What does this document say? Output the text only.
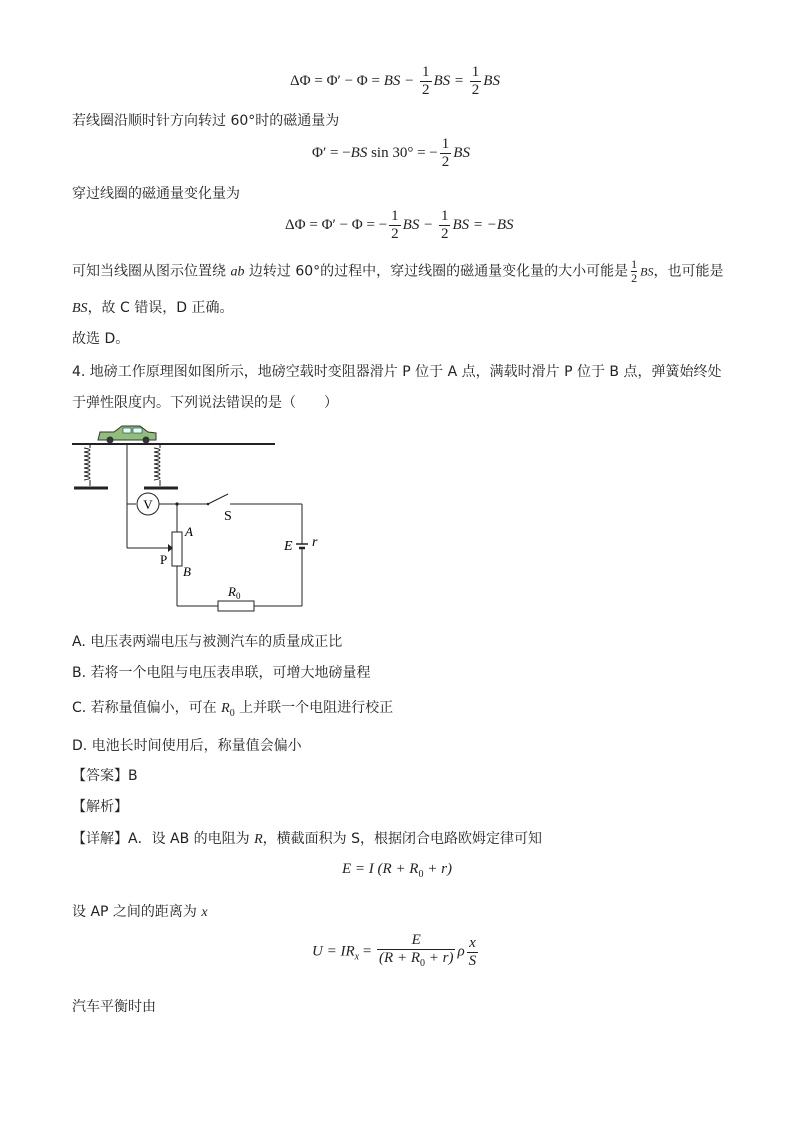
ΔΦ = Φ′ − Φ = BS − $\frac{1}{2}$ BS = $\frac{1}{2}$ BS
若线圈沿顺时针方向转过 60°时的磁通量为
Φ′ = −BS sin 30° = − $\frac{1}{2}$ BS
穿过线圈的磁通量变化量为
ΔΦ = Φ′ − Φ = − $\frac{1}{2}$ BS − $\frac{1}{2}$ BS = −BS
可知当线圈从图示位置绕 ab 边转过 60°的过程中，穿过线圈的磁通量变化量的大小可能是 $\frac{1}{2}$ BS，也可能是
BS，故 C 错误，D 正确。
故选 D。
4. 地磅工作原理图如图所示，地磅空载时变阻器滑片 P 位于 A 点，满载时滑片 P 位于 B 点，弹簧始终处
于弹性限度内。下列说法错误的是（　　）
V
S
E r
A
B
P
$R_0$
A. 电压表两端电压与被测汽车的质量成正比
B. 若将一个电阻与电压表串联，可增大地磅量程
C. 若称量值偏小，可在 $R_0$ 上并联一个电阻进行校正
D. 电池长时间使用后，称量值会偏小
【答案】B
【解析】
【详解】A．设 AB 的电阻为 R，横截面积为 S，根据闭合电路欧姆定律可知
E = I $(R + R_0 + r)$
设 AP 之间的距离为 x
$U = IR_x = \frac{E}{(R + R_0 + r)}$ ρ $\frac{x}{S}$
汽车平衡时由
